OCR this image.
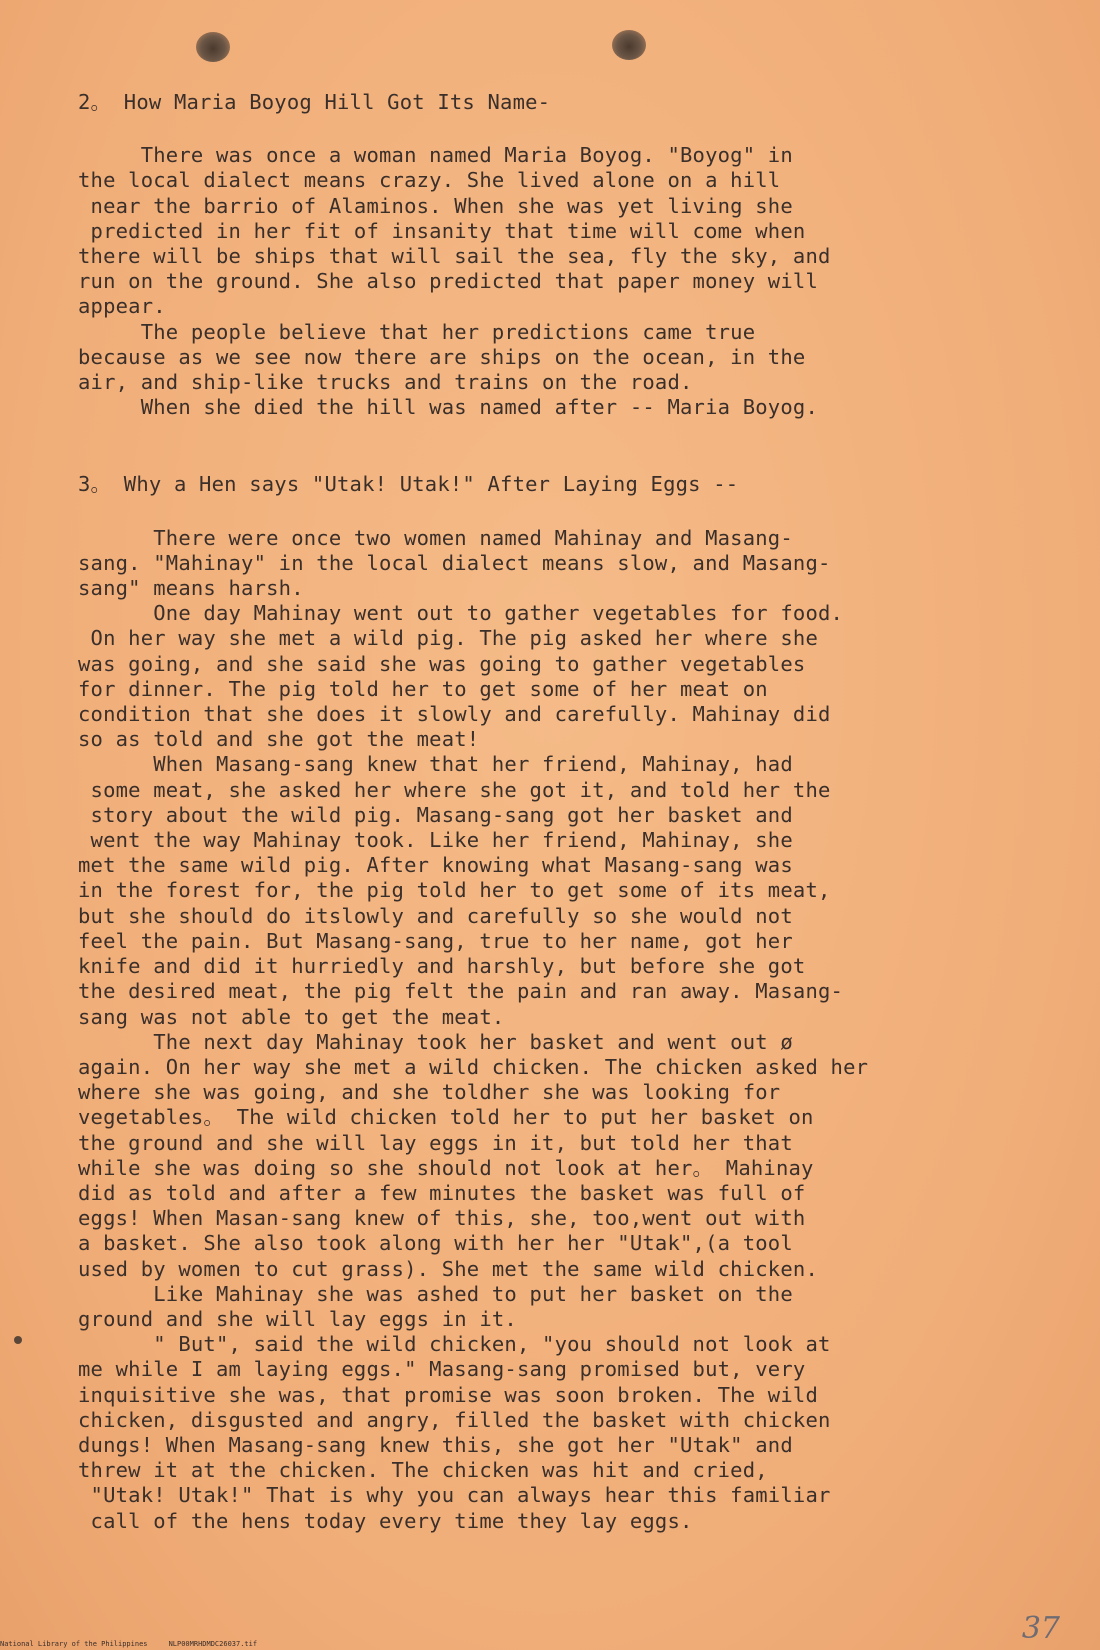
2。 How Maria Boyog Hill Got Its Name-
There was once a woman named Maria Boyog. "Boyog" in
the local dialect means crazy. She lived alone on a hill
near the barrio of Alaminos. When she was yet living she
predicted in her fit of insanity that time will come when
there will be ships that will sail the sea, fly the sky, and
run on the ground. She also predicted that paper money will
appear.
The people believe that her predictions came true
because as we see now there are ships on the ocean, in the
air, and ship-like trucks and trains on the road.
When she died the hill was named after -- Maria Boyog.
3。 Why a Hen says "Utak! Utak!" After Laying Eggs --
There were once two women named Mahinay and Masang-
sang. "Mahinay" in the local dialect means slow, and Masang-
sang" means harsh.
One day Mahinay went out to gather vegetables for food.
On her way she met a wild pig. The pig asked her where she
was going, and she said she was going to gather vegetables
for dinner. The pig told her to get some of her meat on
condition that she does it slowly and carefully. Mahinay did
so as told and she got the meat!
When Masang-sang knew that her friend, Mahinay, had
some meat, she asked her where she got it, and told her the
story about the wild pig. Masang-sang got her basket and
went the way Mahinay took. Like her friend, Mahinay, she
met the same wild pig. After knowing what Masang-sang was
in the forest for, the pig told her to get some of its meat,
but she should do itslowly and carefully so she would not
feel the pain. But Masang-sang, true to her name, got her
knife and did it hurriedly and harshly, but before she got
the desired meat, the pig felt the pain and ran away. Masang-
sang was not able to get the meat.
The next day Mahinay took her basket and went out ø
again. On her way she met a wild chicken. The chicken asked her
where she was going, and she toldher she was looking for
vegetables。 The wild chicken told her to put her basket on
the ground and she will lay eggs in it, but told her that
while she was doing so she should not look at her。 Mahinay
did as told and after a few minutes the basket was full of
eggs! When Masan-sang knew of this, she, too,went out with
a basket. She also took along with her her "Utak",(a tool
used by women to cut grass). She met the same wild chicken.
Like Mahinay she was ashed to put her basket on the
ground and she will lay eggs in it.
" But", said the wild chicken, "you should not look at
me while I am laying eggs." Masang-sang promised but, very
inquisitive she was, that promise was soon broken. The wild
chicken, disgusted and angry, filled the basket with chicken
dungs! When Masang-sang knew this, she got her "Utak" and
threw it at the chicken. The chicken was hit and cried,
"Utak! Utak!" That is why you can always hear this familiar
call of the hens today every time they lay eggs.
National Library of the Philippines     NLP00MRHDMDC26037.tif	37
